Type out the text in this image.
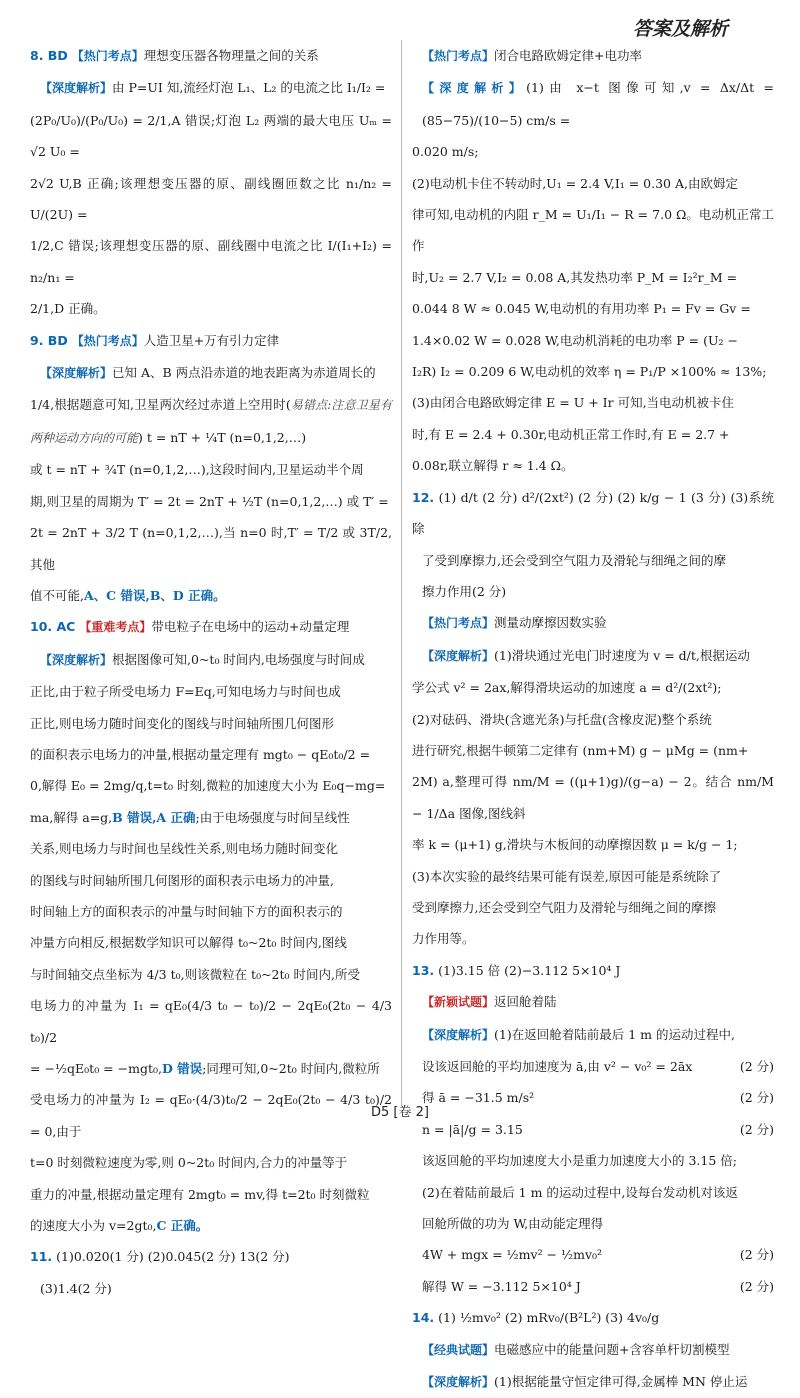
答案及解析

8. BD 【热门考点】理想变压器各物理量之间的关系

【深度解析】由 P=UI 知,流经灯泡 L₁、L₂ 的电流之比 I₁/I₂ =

(2P₀/U₀)/(P₀/U₀) = 2/1,A 错误;灯泡 L₂ 两端的最大电压 Uₘ = √2 U₀ =

2√2 U,B 正确;该理想变压器的原、副线圈匝数之比 n₁/n₂ = U/(2U) =

1/2,C 错误;该理想变压器的原、副线圈中电流之比 I/(I₁+I₂) = n₂/n₁ =

2/1,D 正确。

9. BD 【热门考点】人造卫星+万有引力定律

【深度解析】已知 A、B 两点沿赤道的地表距离为赤道周长的

1/4,根据题意可知,卫星两次经过赤道上空用时(易错点:注意卫星有两种运动方向的可能) t = nT + ¼T (n=0,1,2,…)

或 t = nT + ¾T (n=0,1,2,…),这段时间内,卫星运动半个周

期,则卫星的周期为 T′ = 2t = 2nT + ½T (n=0,1,2,…) 或 T′ =

2t = 2nT + 3/2 T (n=0,1,2,…),当 n=0 时,T′ = T/2 或 3T/2,其他

值不可能,A、C 错误,B、D 正确。

10. AC 【重难考点】带电粒子在电场中的运动+动量定理

【深度解析】根据图像可知,0~t₀ 时间内,电场强度与时间成

正比,由于粒子所受电场力 F=Eq,可知电场力与时间也成

正比,则电场力随时间变化的图线与时间轴所围几何图形

的面积表示电场力的冲量,根据动量定理有 mgt₀ − qE₀t₀/2 =

0,解得 E₀ = 2mg/q,t=t₀ 时刻,微粒的加速度大小为 E₀q−mg=

ma,解得 a=g,B 错误,A 正确;由于电场强度与时间呈线性

关系,则电场力与时间也呈线性关系,则电场力随时间变化

的图线与时间轴所围几何图形的面积表示电场力的冲量,

时间轴上方的面积表示的冲量与时间轴下方的面积表示的

冲量方向相反,根据数学知识可以解得 t₀~2t₀ 时间内,图线

与时间轴交点坐标为 4/3 t₀,则该微粒在 t₀~2t₀ 时间内,所受

电场力的冲量为 I₁ = qE₀(4/3 t₀ − t₀)/2 − 2qE₀(2t₀ − 4/3 t₀)/2

= −½qE₀t₀ = −mgt₀,D 错误;同理可知,0~2t₀ 时间内,微粒所

受电场力的冲量为 I₂ = qE₀·(4/3)t₀/2 − 2qE₀(2t₀ − 4/3 t₀)/2 = 0,由于

t=0 时刻微粒速度为零,则 0~2t₀ 时间内,合力的冲量等于

重力的冲量,根据动量定理有 2mgt₀ = mv,得 t=2t₀ 时刻微粒

的速度大小为 v=2gt₀,C 正确。

11. (1)0.020(1 分) (2)0.045(2 分) 13(2 分)

(3)1.4(2 分)

【热门考点】闭合电路欧姆定律+电功率

【深度解析】(1)由 x−t 图像可知,v = Δx/Δt = (85−75)/(10−5) cm/s =

0.020 m/s;

(2)电动机卡住不转动时,U₁ = 2.4 V,I₁ = 0.30 A,由欧姆定

律可知,电动机的内阻 r_M = U₁/I₁ − R = 7.0 Ω。电动机正常工作

时,U₂ = 2.7 V,I₂ = 0.08 A,其发热功率 P_M = I₂²r_M =

0.044 8 W ≈ 0.045 W,电动机的有用功率 P₁ = Fv = Gv =

1.4×0.02 W = 0.028 W,电动机消耗的电功率 P = (U₂ −

I₂R) I₂ = 0.209 6 W,电动机的效率 η = P₁/P ×100% ≈ 13%;

(3)由闭合电路欧姆定律 E = U + Ir 可知,当电动机被卡住

时,有 E = 2.4 + 0.30r,电动机正常工作时,有 E = 2.7 +

0.08r,联立解得 r ≈ 1.4 Ω。

12. (1) d/t (2 分) d²/(2xt²) (2 分) (2) k/g − 1 (3 分) (3)系统除

了受到摩擦力,还会受到空气阻力及滑轮与细绳之间的摩

擦力作用(2 分)

【热门考点】测量动摩擦因数实验

【深度解析】(1)滑块通过光电门时速度为 v = d/t,根据运动

学公式 v² = 2ax,解得滑块运动的加速度 a = d²/(2xt²);

(2)对砝码、滑块(含遮光条)与托盘(含橡皮泥)整个系统

进行研究,根据牛顿第二定律有 (nm+M) g − μMg = (nm+

2M) a,整理可得 nm/M = ((μ+1)g)/(g−a) − 2。结合 nm/M − 1/Δa 图像,图线斜

率 k = (μ+1) g,滑块与木板间的动摩擦因数 μ = k/g − 1;

(3)本次实验的最终结果可能有误差,原因可能是系统除了

受到摩擦力,还会受到空气阻力及滑轮与细绳之间的摩擦

力作用等。

13. (1)3.15 倍 (2)−3.112 5×10⁴ J

【新颖试题】返回舱着陆

【深度解析】(1)在返回舱着陆前最后 1 m 的运动过程中,

设该返回舱的平均加速度为 ā,由 v² − v₀² = 2āx	(2 分)

得 ā = −31.5 m/s²	(2 分)

n = |ā|/g = 3.15	(2 分)

该返回舱的平均加速度大小是重力加速度大小的 3.15 倍;

(2)在着陆前最后 1 m 的运动过程中,设每台发动机对该返

回舱所做的功为 W,由动能定理得

4W + mgx = ½mv² − ½mv₀²	(2 分)

解得 W = −3.112 5×10⁴ J	(2 分)

14. (1) ½mv₀² (2) mRv₀/(B²L²) (3) 4v₀/g

【经典试题】电磁感应中的能量问题+含容单杆切割模型

【深度解析】(1)根据能量守恒定律可得,金属棒 MN 停止运

D5 [卷 2]
